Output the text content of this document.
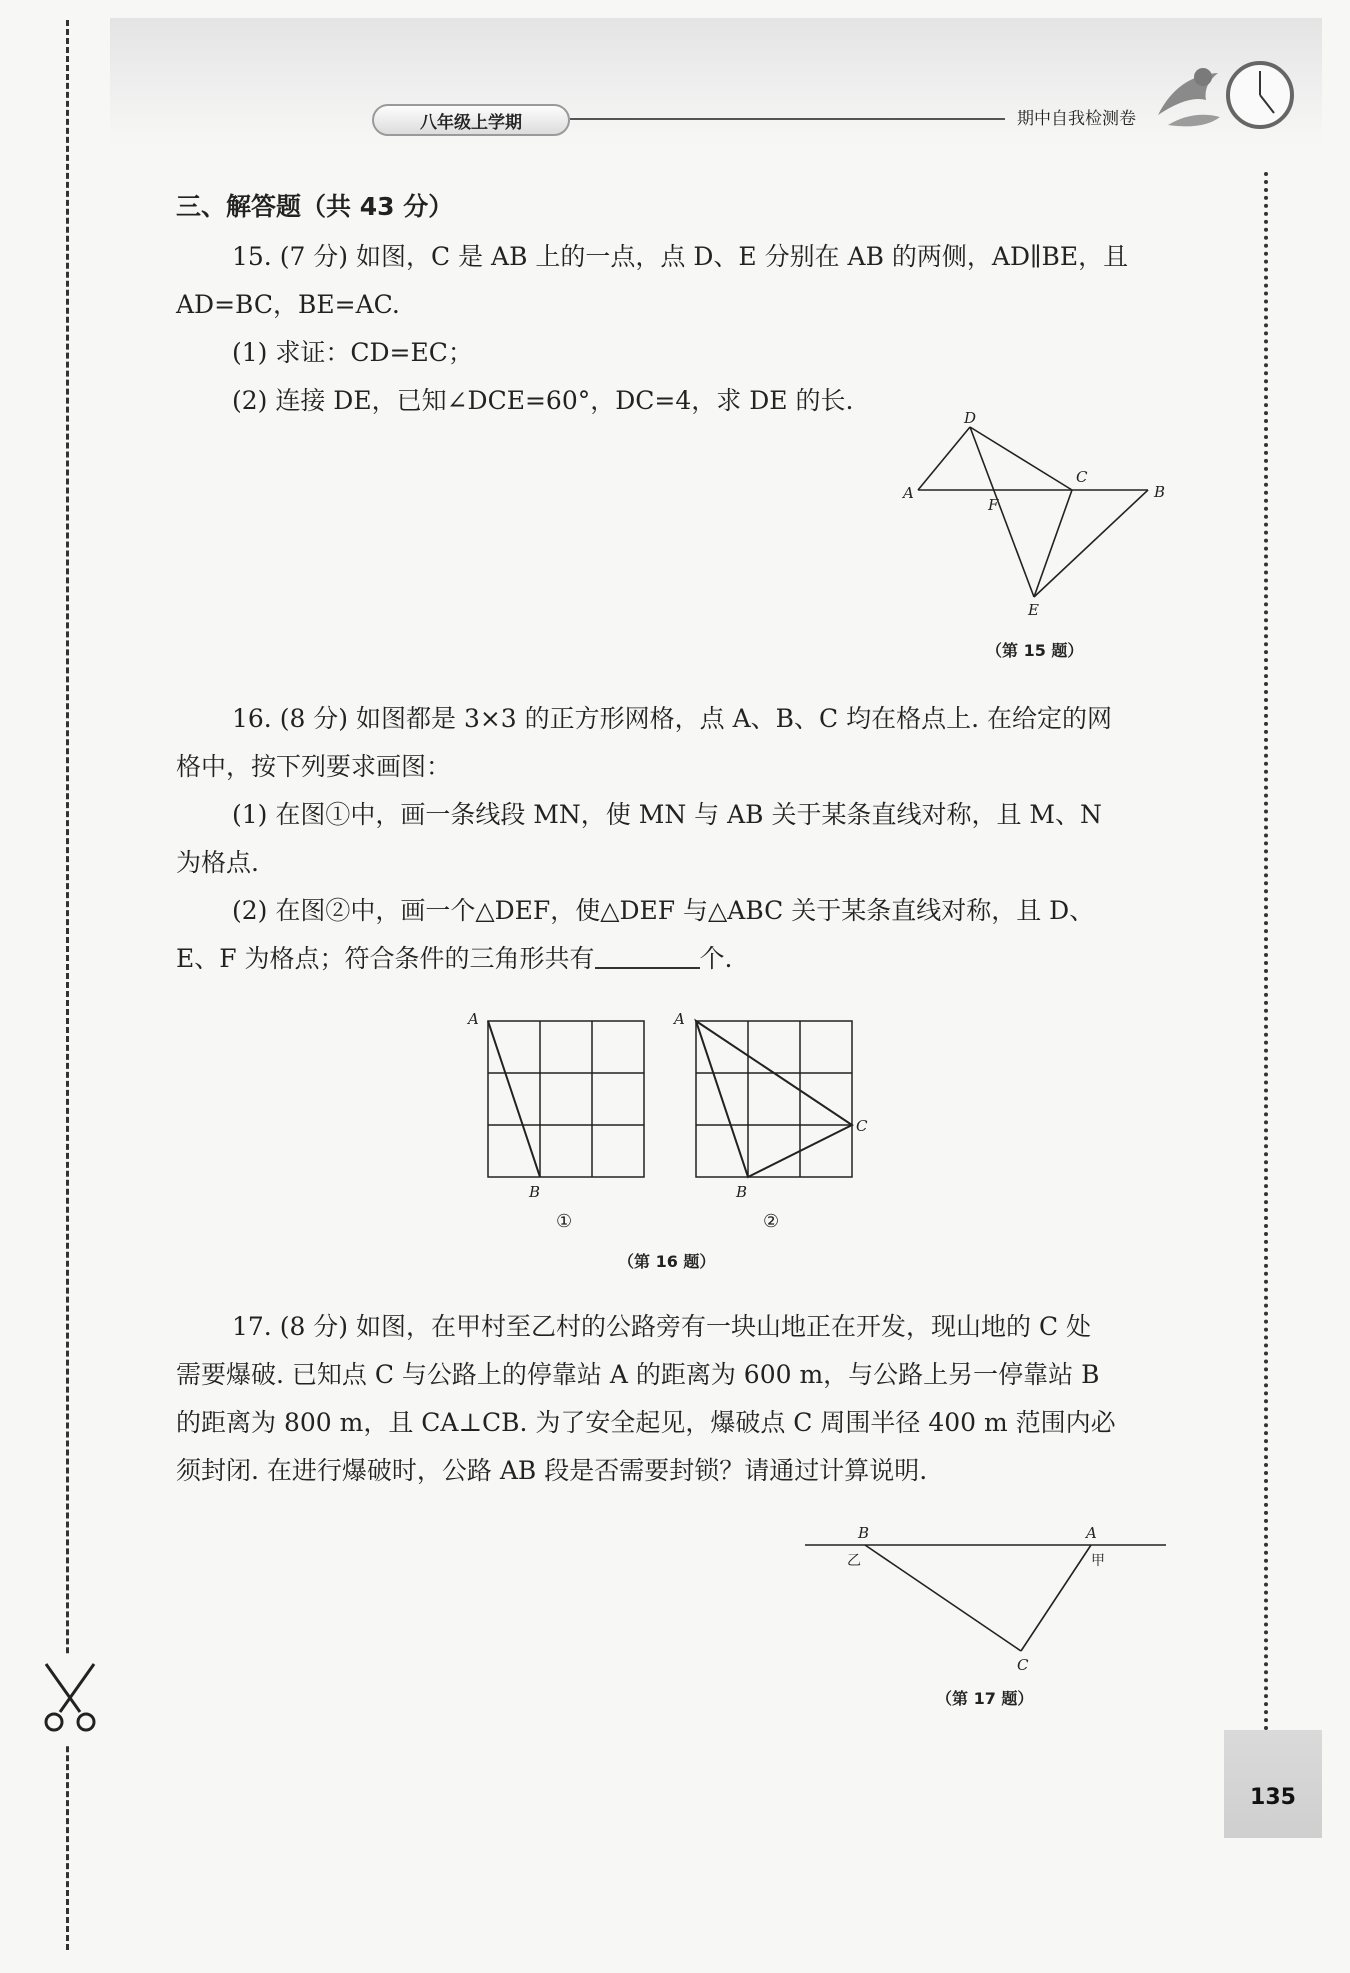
八年级上学期	期中自我检测卷
135
三、解答题（共 43 分）
15. (7 分) 如图，C 是 AB 上的一点，点 D、E 分别在 AB 的两侧，AD∥BE，且
AD=BC，BE=AC.
(1) 求证：CD=EC；
(2) 连接 DE，已知∠DCE=60°，DC=4，求 DE 的长.
D
A
F
C
B
E
（第 15 题）
16. (8 分) 如图都是 3×3 的正方形网格，点 A、B、C 均在格点上. 在给定的网
格中，按下列要求画图：
(1) 在图①中，画一条线段 MN，使 MN 与 AB 关于某条直线对称，且 M、N
为格点.
(2) 在图②中，画一个△DEF，使△DEF 与△ABC 关于某条直线对称，且 D、
E、F 为格点；符合条件的三角形共有	个.
A
B
①
A
B
C
②
（第 16 题）
17. (8 分) 如图，在甲村至乙村的公路旁有一块山地正在开发，现山地的 C 处
需要爆破. 已知点 C 与公路上的停靠站 A 的距离为 600 m，与公路上另一停靠站 B
的距离为 800 m，且 CA⊥CB. 为了安全起见，爆破点 C 周围半径 400 m 范围内必
须封闭. 在进行爆破时，公路 AB 段是否需要封锁？请通过计算说明.
B	A
C
乙	甲
（第 17 题）
